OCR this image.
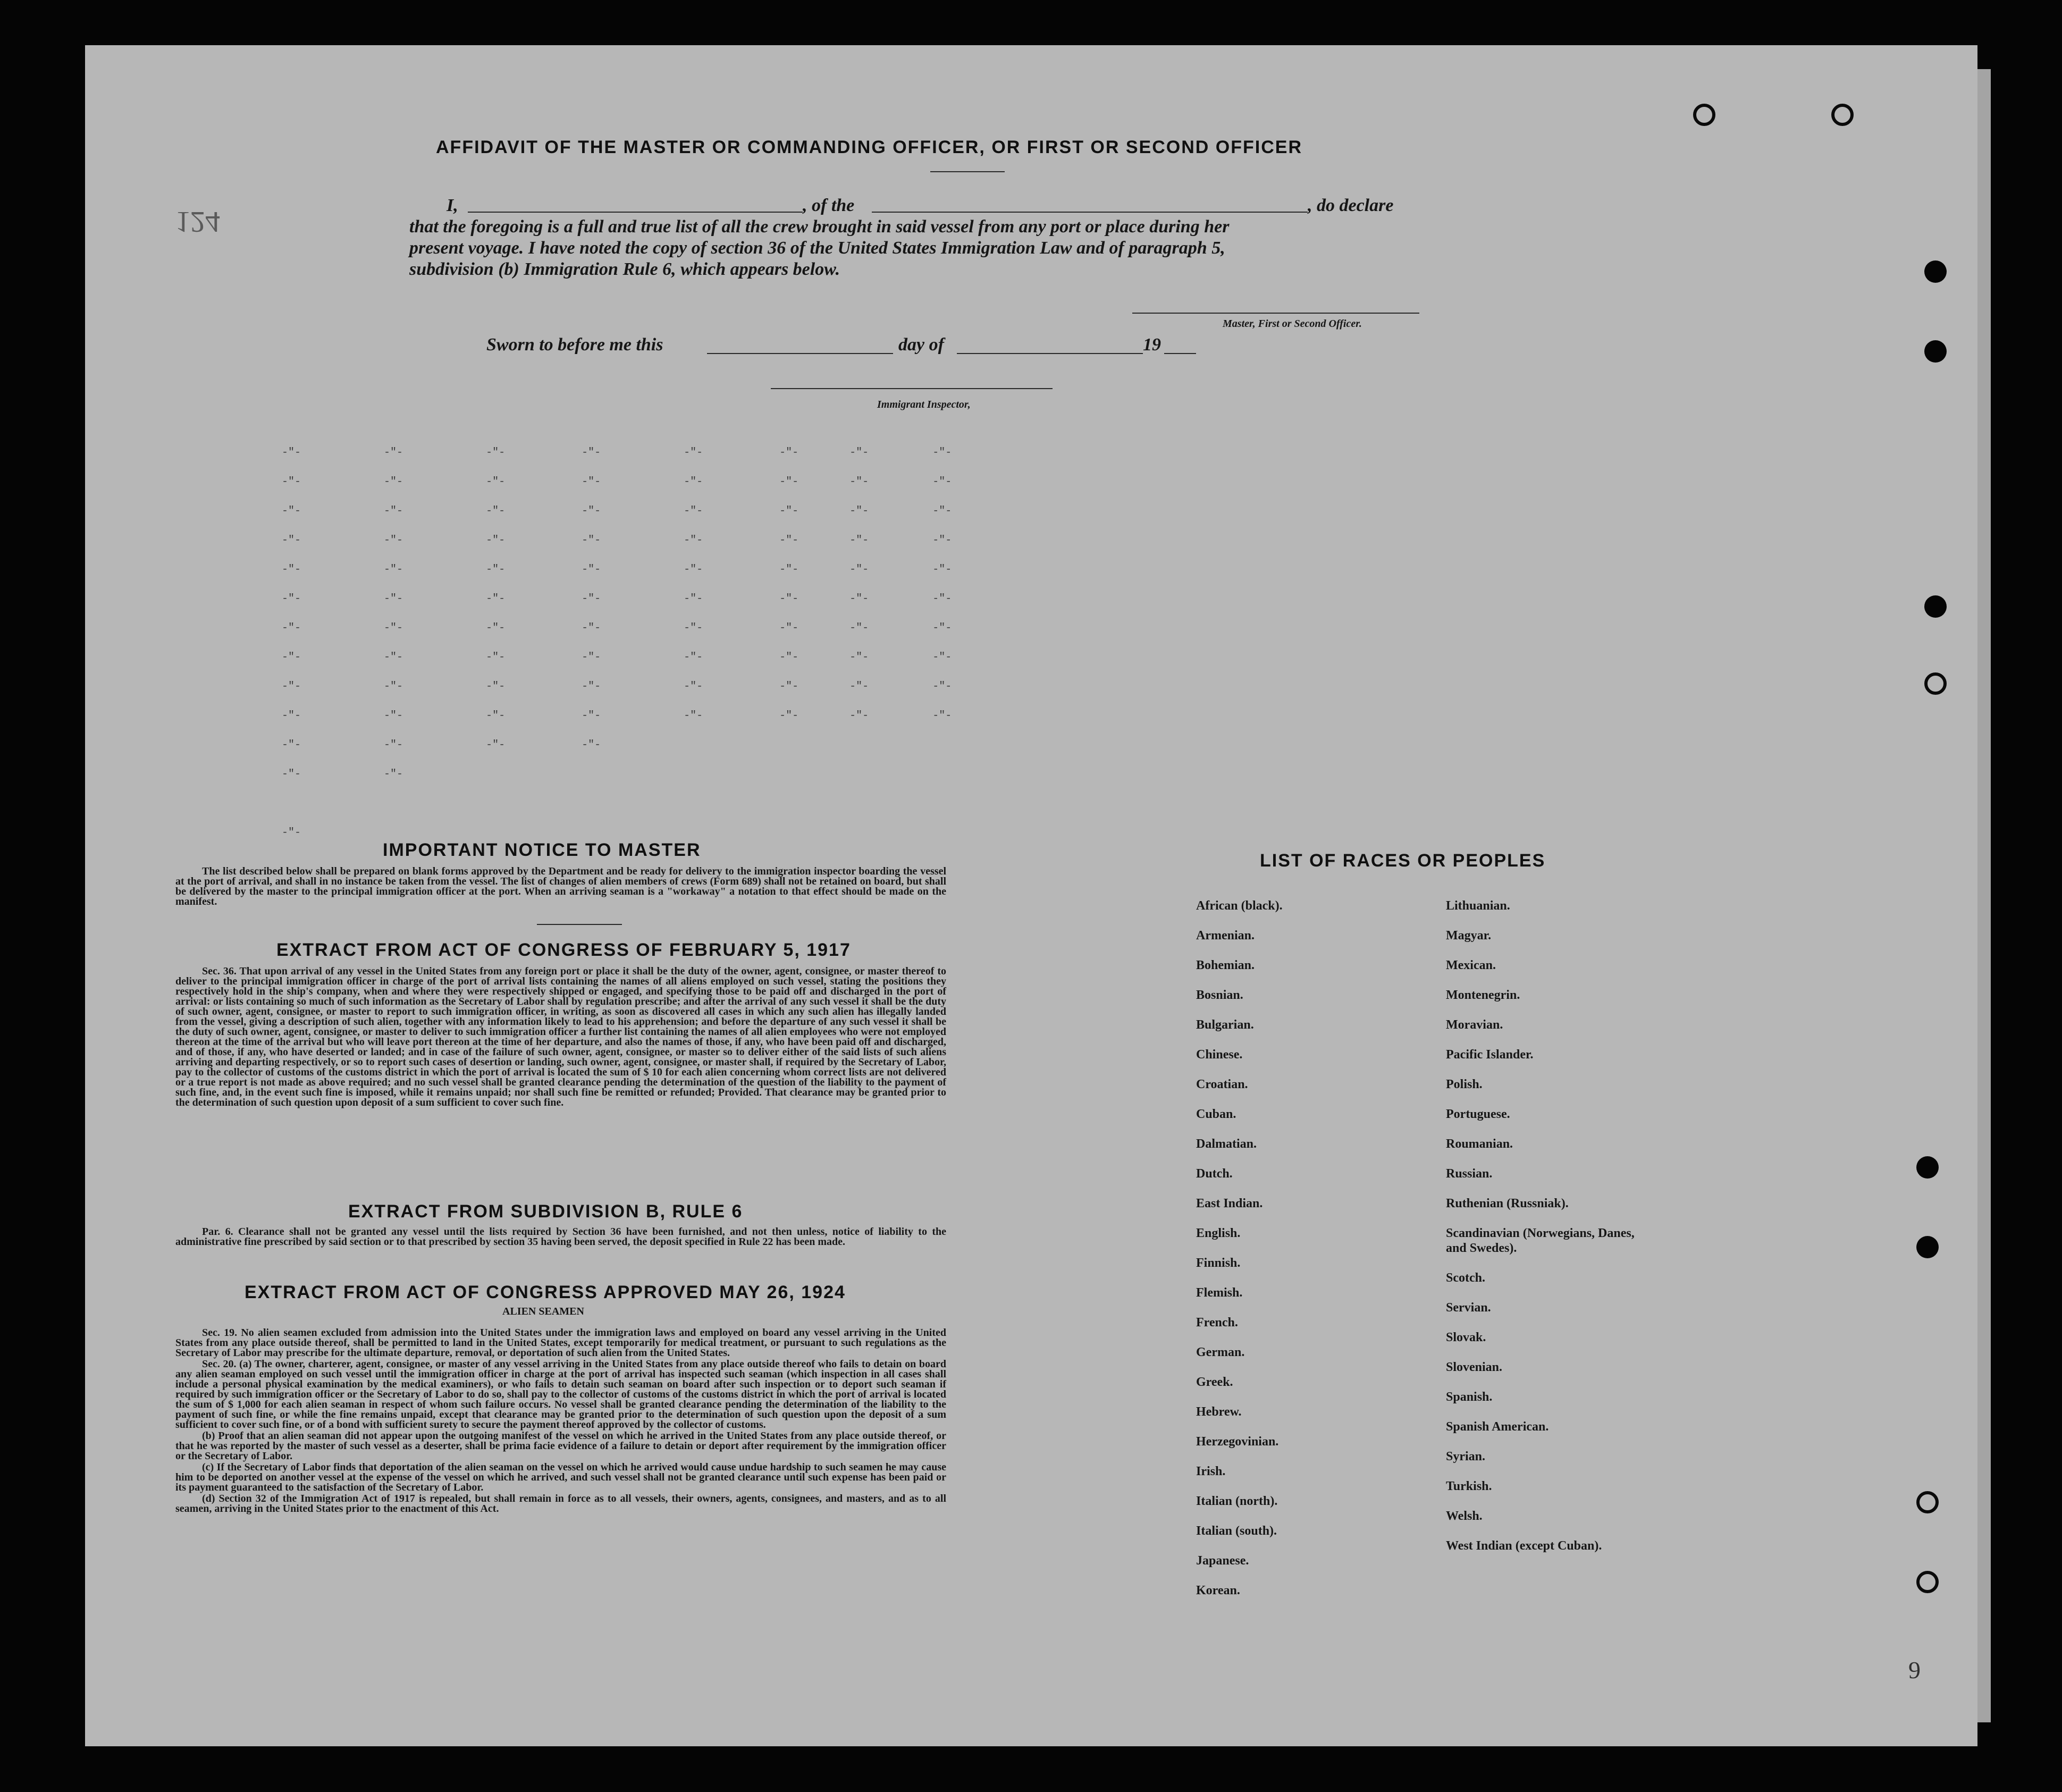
124
9
AFFIDAVIT OF THE MASTER OR COMMANDING OFFICER, OR FIRST OR SECOND OFFICER
I,	, of the	, do declare
that the foregoing is a full and true list of all the crew brought in said vessel from any port or place during her
present voyage. I have noted the copy of section 36 of the United States Immigration Law and of paragraph 5,
subdivision (b) Immigration Rule 6, which appears below.
Master, First or Second Officer.
Sworn to before me this	day of	19
Immigrant Inspector,
-"-             -"-             -"-            -"-             -"-            -"-        -"-          -"-
-"-             -"-             -"-            -"-             -"-            -"-        -"-          -"-
-"-             -"-             -"-            -"-             -"-            -"-        -"-          -"-
-"-             -"-             -"-            -"-             -"-            -"-        -"-          -"-
-"-             -"-             -"-            -"-             -"-            -"-        -"-          -"-
-"-             -"-             -"-            -"-             -"-            -"-        -"-          -"-
-"-             -"-             -"-            -"-             -"-            -"-        -"-          -"-
-"-             -"-             -"-            -"-             -"-            -"-        -"-          -"-
-"-             -"-             -"-            -"-             -"-            -"-        -"-          -"-
-"-             -"-             -"-            -"-             -"-            -"-        -"-          -"-
-"-             -"-             -"-            -"-
-"-             -"-
-"-
IMPORTANT NOTICE TO MASTER

The list described below shall be prepared on blank forms approved by the Department and be ready for delivery to the immigration inspector boarding the vessel at the port of arrival, and shall in no instance be taken from the vessel. The list of changes of alien members of crews (Form 689) shall not be retained on board, but shall be delivered by the master to the principal immigration officer at the port. When an arriving seaman is a "workaway" a notation to that effect should be made on the manifest.

EXTRACT FROM ACT OF CONGRESS OF FEBRUARY 5, 1917

Sec. 36. That upon arrival of any vessel in the United States from any foreign port or place it shall be the duty of the owner, agent, consignee, or master thereof to deliver to the principal immigration officer in charge of the port of arrival lists containing the names of all aliens employed on such vessel, stating the positions they respectively hold in the ship's company, when and where they were respectively shipped or engaged, and specifying those to be paid off and discharged in the port of arrival: or lists containing so much of such information as the Secretary of Labor shall by regulation prescribe; and after the arrival of any such vessel it shall be the duty of such owner, agent, consignee, or master to report to such immigration officer, in writing, as soon as discovered all cases in which any such alien has illegally landed from the vessel, giving a description of such alien, together with any information likely to lead to his apprehension; and before the departure of any such vessel it shall be the duty of such owner, agent, consignee, or master to deliver to such immigration officer a further list containing the names of all alien employees who were not employed thereon at the time of the arrival but who will leave port thereon at the time of her departure, and also the names of those, if any, who have been paid off and discharged, and of those, if any, who have deserted or landed; and in case of the failure of such owner, agent, consignee, or master so to deliver either of the said lists of such aliens arriving and departing respectively, or so to report such cases of desertion or landing, such owner, agent, consignee, or master shall, if required by the Secretary of Labor, pay to the collector of customs of the customs district in which the port of arrival is located the sum of $ 10 for each alien concerning whom correct lists are not delivered or a true report is not made as above required; and no such vessel shall be granted clearance pending the determination of the question of the liability to the payment of such fine, and, in the event such fine is imposed, while it remains unpaid; nor shall such fine be remitted or refunded; Provided. That clearance may be granted prior to the determination of such question upon deposit of a sum sufficient to cover such fine.

EXTRACT FROM SUBDIVISION B, RULE 6

Par. 6. Clearance shall not be granted any vessel until the lists required by Section 36 have been furnished, and not then unless, notice of liability to the administrative fine prescribed by said section or to that prescribed by section 35 having been served, the deposit specified in Rule 22 has been made.

EXTRACT FROM ACT OF CONGRESS APPROVED MAY 26, 1924
ALIEN SEAMEN

Sec. 19. No alien seamen excluded from admission into the United States under the immigration laws and employed on board any vessel arriving in the United States from any place outside thereof, shall be permitted to land in the United States, except temporarily for medical treatment, or pursuant to such regulations as the Secretary of Labor may prescribe for the ultimate departure, removal, or deportation of such alien from the United States.

Sec. 20. (a) The owner, charterer, agent, consignee, or master of any vessel arriving in the United States from any place outside thereof who fails to detain on board any alien seaman employed on such vessel until the immigration officer in charge at the port of arrival has inspected such seaman (which inspection in all cases shall include a personal physical examination by the medical examiners), or who fails to detain such seaman on board after such inspection or to deport such seaman if required by such immigration officer or the Secretary of Labor to do so, shall pay to the collector of customs of the customs district in which the port of arrival is located the sum of $ 1,000 for each alien seaman in respect of whom such failure occurs. No vessel shall be granted clearance pending the determination of the liability to the payment of such fine, or while the fine remains unpaid, except that clearance may be granted prior to the determination of such question upon the deposit of a sum sufficient to cover such fine, or of a bond with sufficient surety to secure the payment thereof approved by the collector of customs.

(b) Proof that an alien seaman did not appear upon the outgoing manifest of the vessel on which he arrived in the United States from any place outside thereof, or that he was reported by the master of such vessel as a deserter, shall be prima facie evidence of a failure to detain or deport after requirement by the immigration officer or the Secretary of Labor.

(c) If the Secretary of Labor finds that deportation of the alien seaman on the vessel on which he arrived would cause undue hardship to such seamen he may cause him to be deported on another vessel at the expense of the vessel on which he arrived, and such vessel shall not be granted clearance until such expense has been paid or its payment guaranteed to the satisfaction of the Secretary of Labor.

(d) Section 32 of the Immigration Act of 1917 is repealed, but shall remain in force as to all vessels, their owners, agents, consignees, and masters, and as to all seamen, arriving in the United States prior to the enactment of this Act.

LIST OF RACES OR PEOPLES
African (black).
Armenian.
Bohemian.
Bosnian.
Bulgarian.
Chinese.
Croatian.
Cuban.
Dalmatian.
Dutch.
East Indian.
English.
Finnish.
Flemish.
French.
German.
Greek.
Hebrew.
Herzegovinian.
Irish.
Italian (north).
Italian (south).
Japanese.
Korean.
Lithuanian.
Magyar.
Mexican.
Montenegrin.
Moravian.
Pacific Islander.
Polish.
Portuguese.
Roumanian.
Russian.
Ruthenian (Russniak).
Scandinavian (Norwegians, Danes, and Swedes).
Scotch.
Servian.
Slovak.
Slovenian.
Spanish.
Spanish American.
Syrian.
Turkish.
Welsh.
West Indian (except Cuban).
